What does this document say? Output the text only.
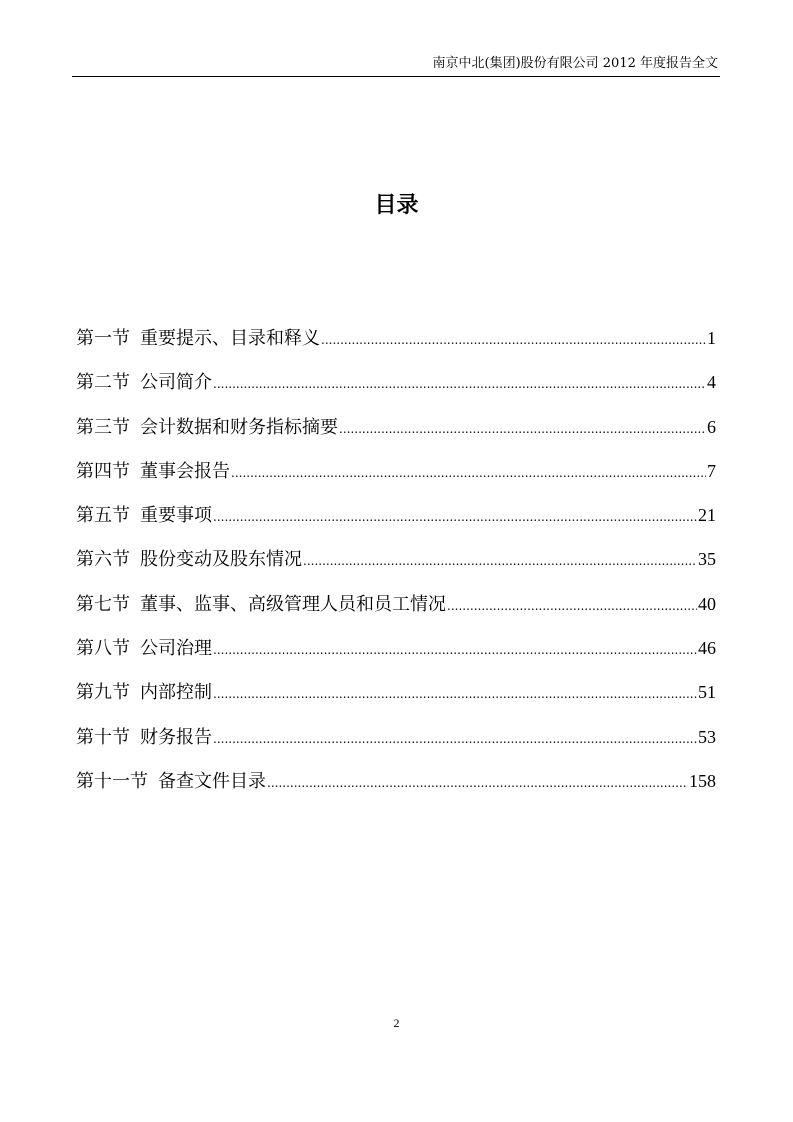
南京中北(集团)股份有限公司 2012 年度报告全文
目录
第一节 重要提示、目录和释义 .....	1
第二节 公司简介 .....	4
第三节 会计数据和财务指标摘要 .....	6
第四节 董事会报告 .....	7
第五节 重要事项 .....	21
第六节 股份变动及股东情况 .....	35
第七节 董事、监事、高级管理人员和员工情况 .....	40
第八节 公司治理 .....	46
第九节 内部控制 .....	51
第十节 财务报告 .....	53
第十一节 备查文件目录 .....	158
2
